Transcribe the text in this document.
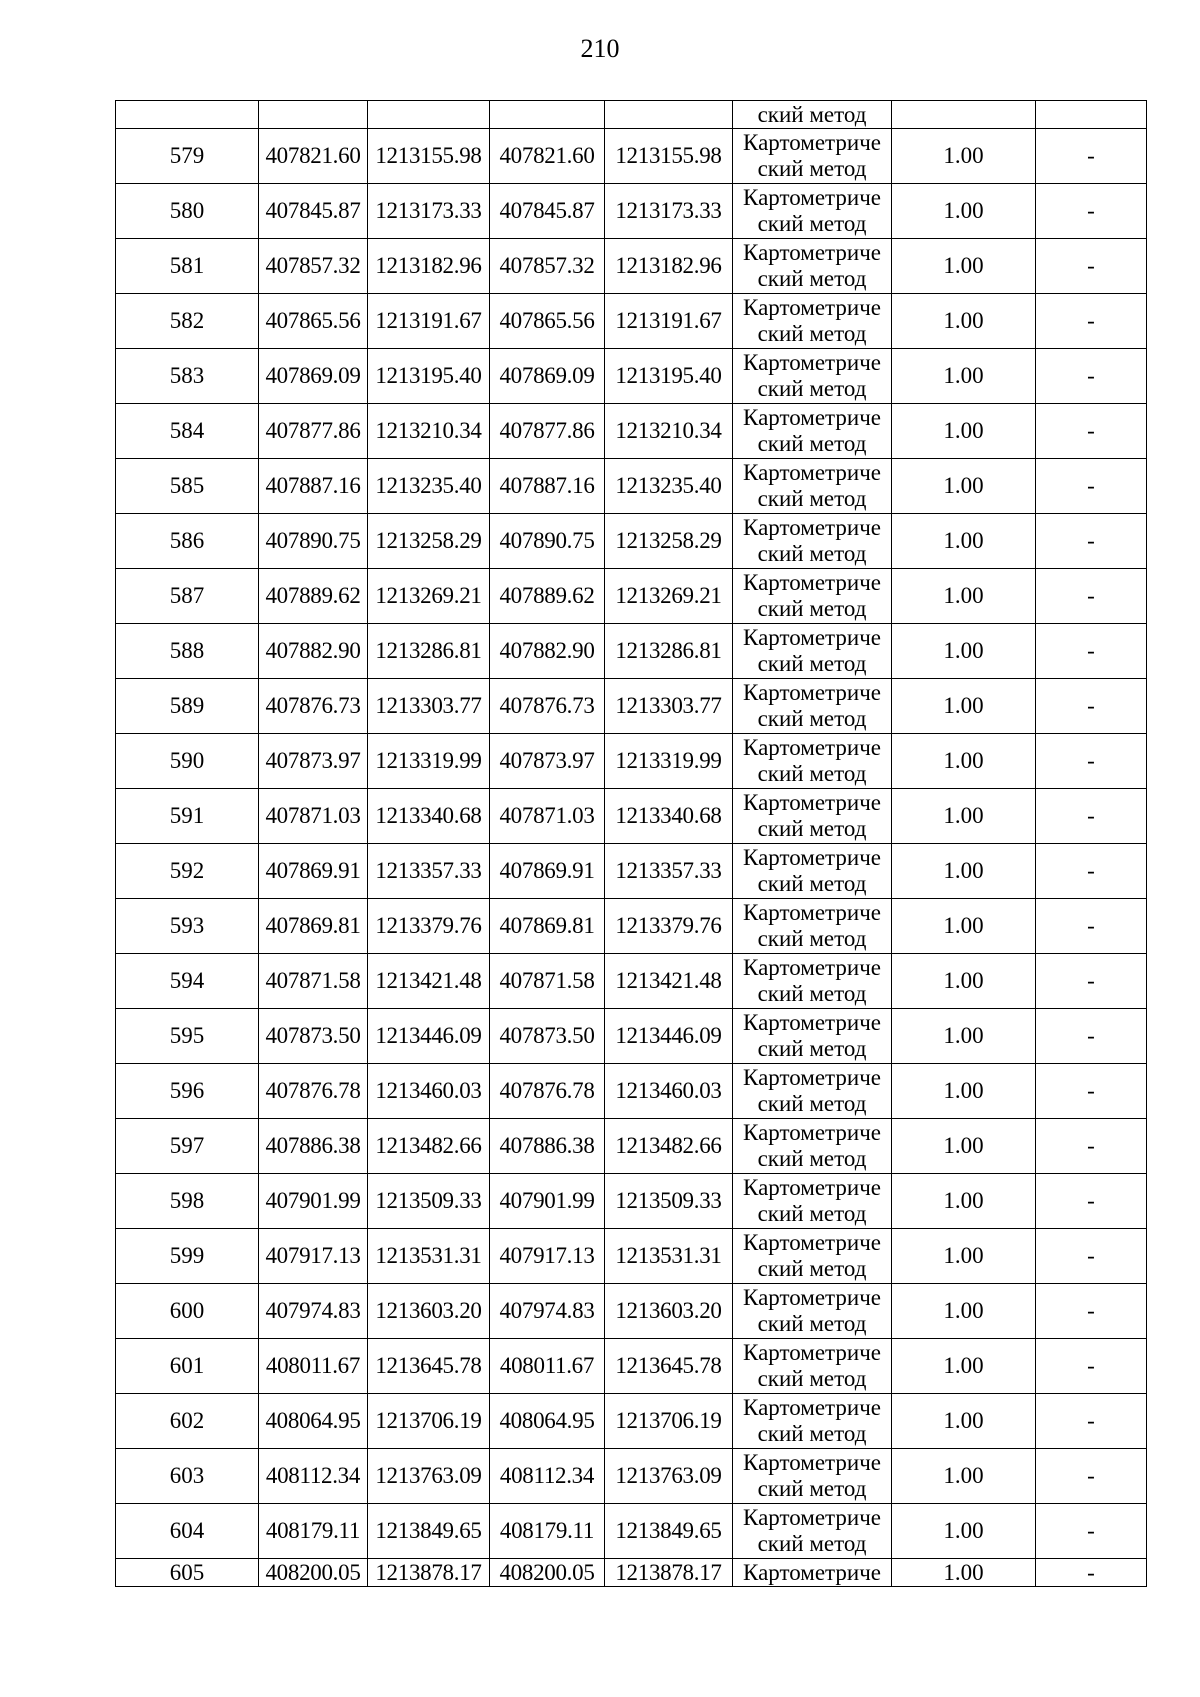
210
					ский метод		
579	407821.60	1213155.98	407821.60	1213155.98	Картометриче
ский метод	1.00	-
580	407845.87	1213173.33	407845.87	1213173.33	Картометриче
ский метод	1.00	-
581	407857.32	1213182.96	407857.32	1213182.96	Картометриче
ский метод	1.00	-
582	407865.56	1213191.67	407865.56	1213191.67	Картометриче
ский метод	1.00	-
583	407869.09	1213195.40	407869.09	1213195.40	Картометриче
ский метод	1.00	-
584	407877.86	1213210.34	407877.86	1213210.34	Картометриче
ский метод	1.00	-
585	407887.16	1213235.40	407887.16	1213235.40	Картометриче
ский метод	1.00	-
586	407890.75	1213258.29	407890.75	1213258.29	Картометриче
ский метод	1.00	-
587	407889.62	1213269.21	407889.62	1213269.21	Картометриче
ский метод	1.00	-
588	407882.90	1213286.81	407882.90	1213286.81	Картометриче
ский метод	1.00	-
589	407876.73	1213303.77	407876.73	1213303.77	Картометриче
ский метод	1.00	-
590	407873.97	1213319.99	407873.97	1213319.99	Картометриче
ский метод	1.00	-
591	407871.03	1213340.68	407871.03	1213340.68	Картометриче
ский метод	1.00	-
592	407869.91	1213357.33	407869.91	1213357.33	Картометриче
ский метод	1.00	-
593	407869.81	1213379.76	407869.81	1213379.76	Картометриче
ский метод	1.00	-
594	407871.58	1213421.48	407871.58	1213421.48	Картометриче
ский метод	1.00	-
595	407873.50	1213446.09	407873.50	1213446.09	Картометриче
ский метод	1.00	-
596	407876.78	1213460.03	407876.78	1213460.03	Картометриче
ский метод	1.00	-
597	407886.38	1213482.66	407886.38	1213482.66	Картометриче
ский метод	1.00	-
598	407901.99	1213509.33	407901.99	1213509.33	Картометриче
ский метод	1.00	-
599	407917.13	1213531.31	407917.13	1213531.31	Картометриче
ский метод	1.00	-
600	407974.83	1213603.20	407974.83	1213603.20	Картометриче
ский метод	1.00	-
601	408011.67	1213645.78	408011.67	1213645.78	Картометриче
ский метод	1.00	-
602	408064.95	1213706.19	408064.95	1213706.19	Картометриче
ский метод	1.00	-
603	408112.34	1213763.09	408112.34	1213763.09	Картометриче
ский метод	1.00	-
604	408179.11	1213849.65	408179.11	1213849.65	Картометриче
ский метод	1.00	-
605	408200.05	1213878.17	408200.05	1213878.17	Картометриче	1.00	-
